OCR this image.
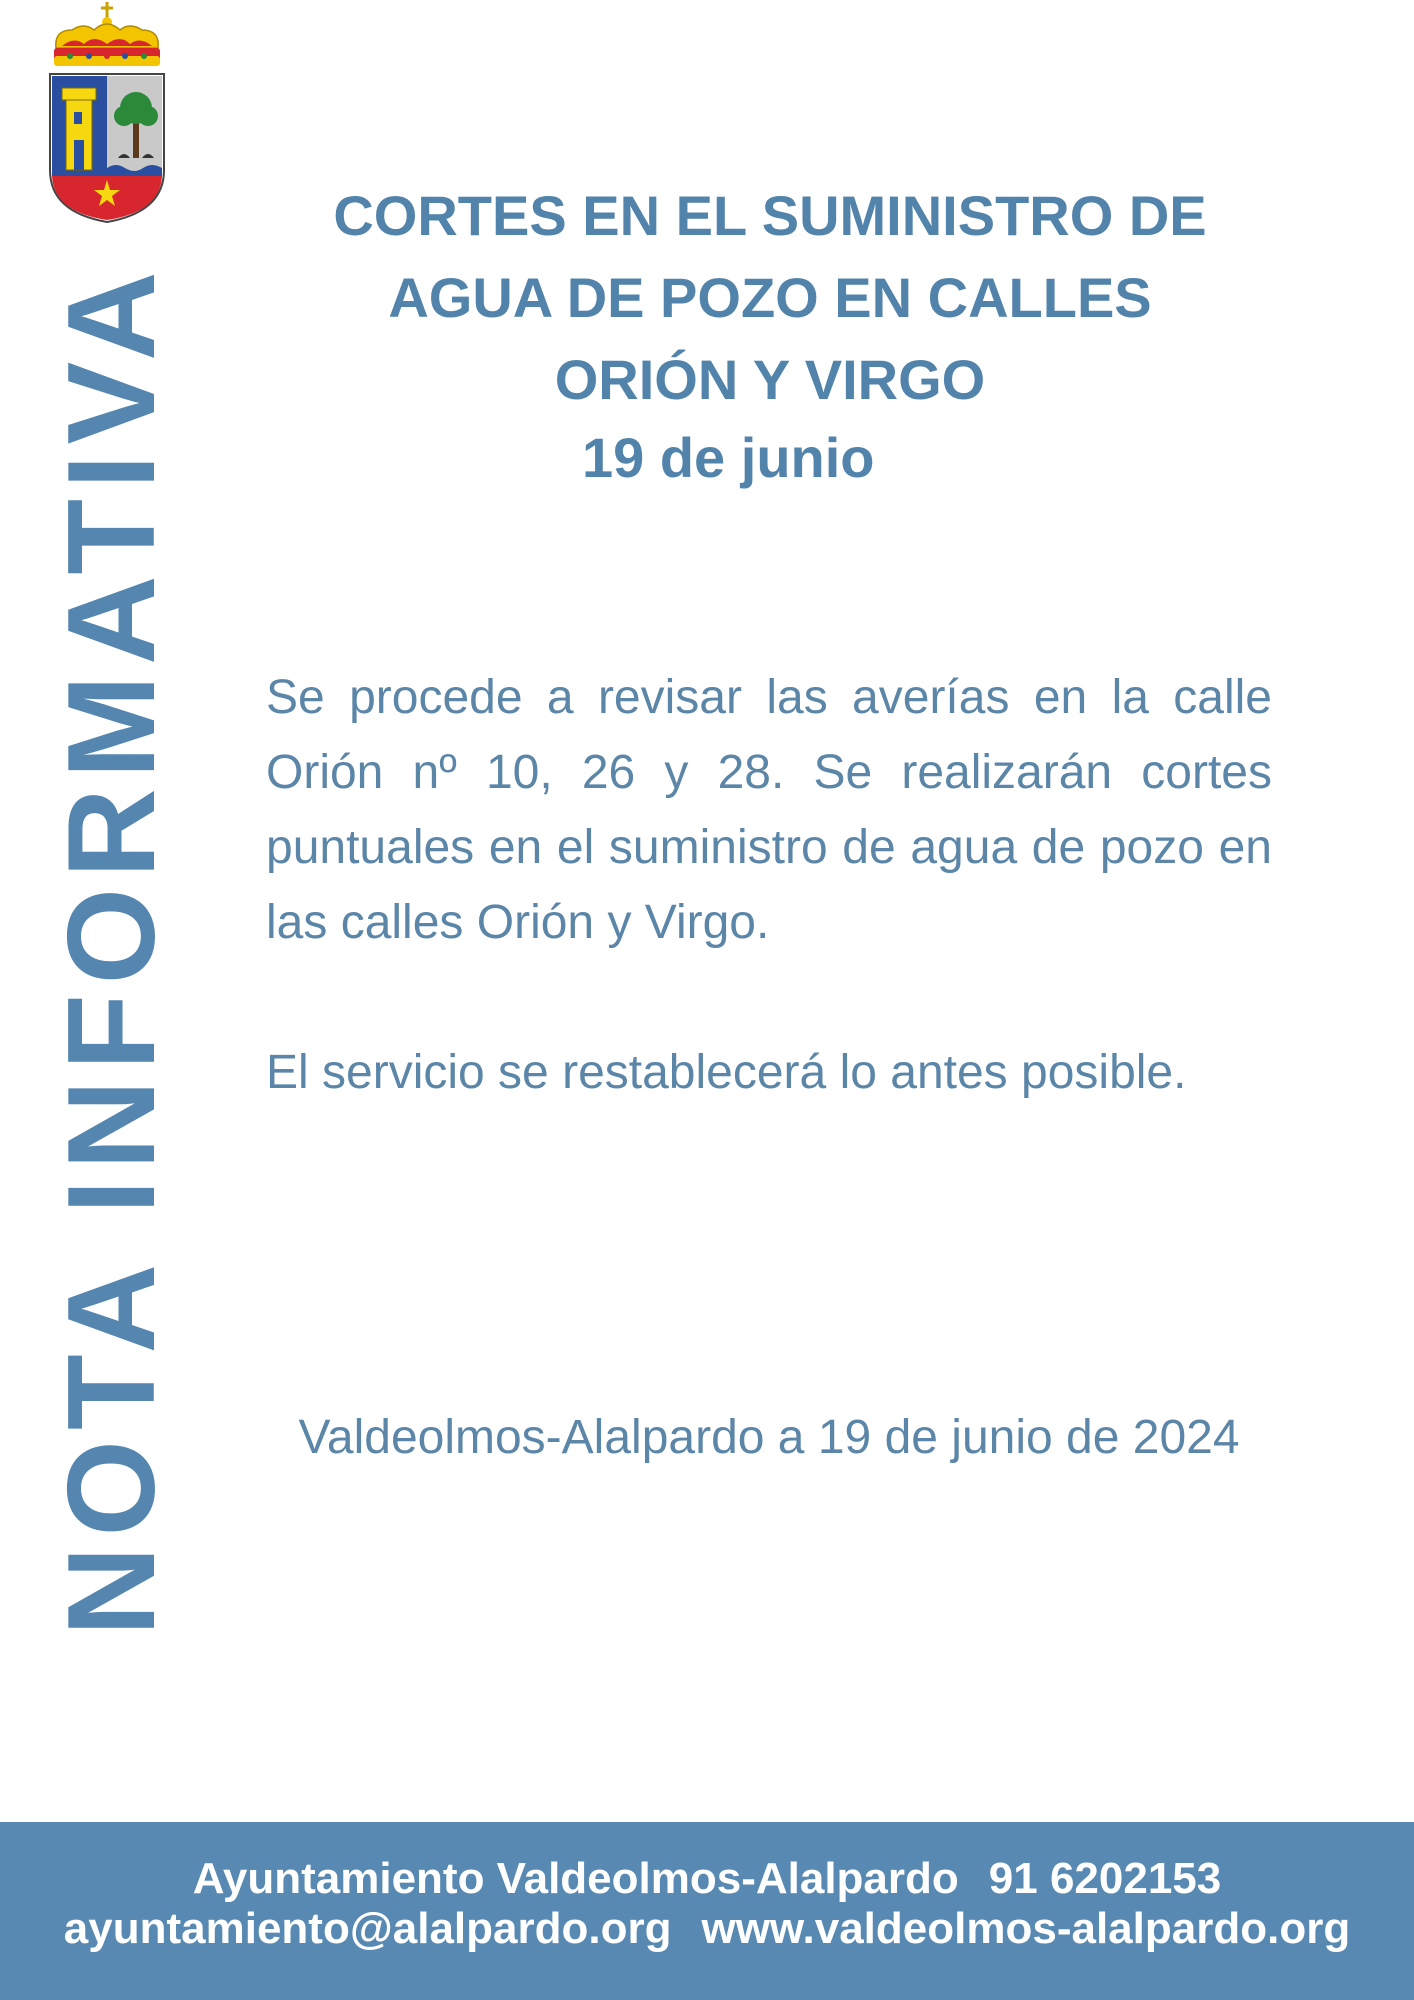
NOTA INFORMATIVA
CORTES EN EL SUMINISTRO DE
AGUA DE POZO EN CALLES
ORIÓN Y VIRGO
19 de junio
Se procede a revisar las averías en la calle Orión nº 10, 26 y 28. Se realizarán cortes puntuales en el suministro de agua de pozo en las calles Orión y Virgo.
El servicio se restablecerá lo antes posible.
Valdeolmos-Alalpardo a 19 de junio de 2024
Ayuntamiento Valdeolmos-Alalpardo 91 6202153
ayuntamiento@alalpardo.org www.valdeolmos-alalpardo.org
